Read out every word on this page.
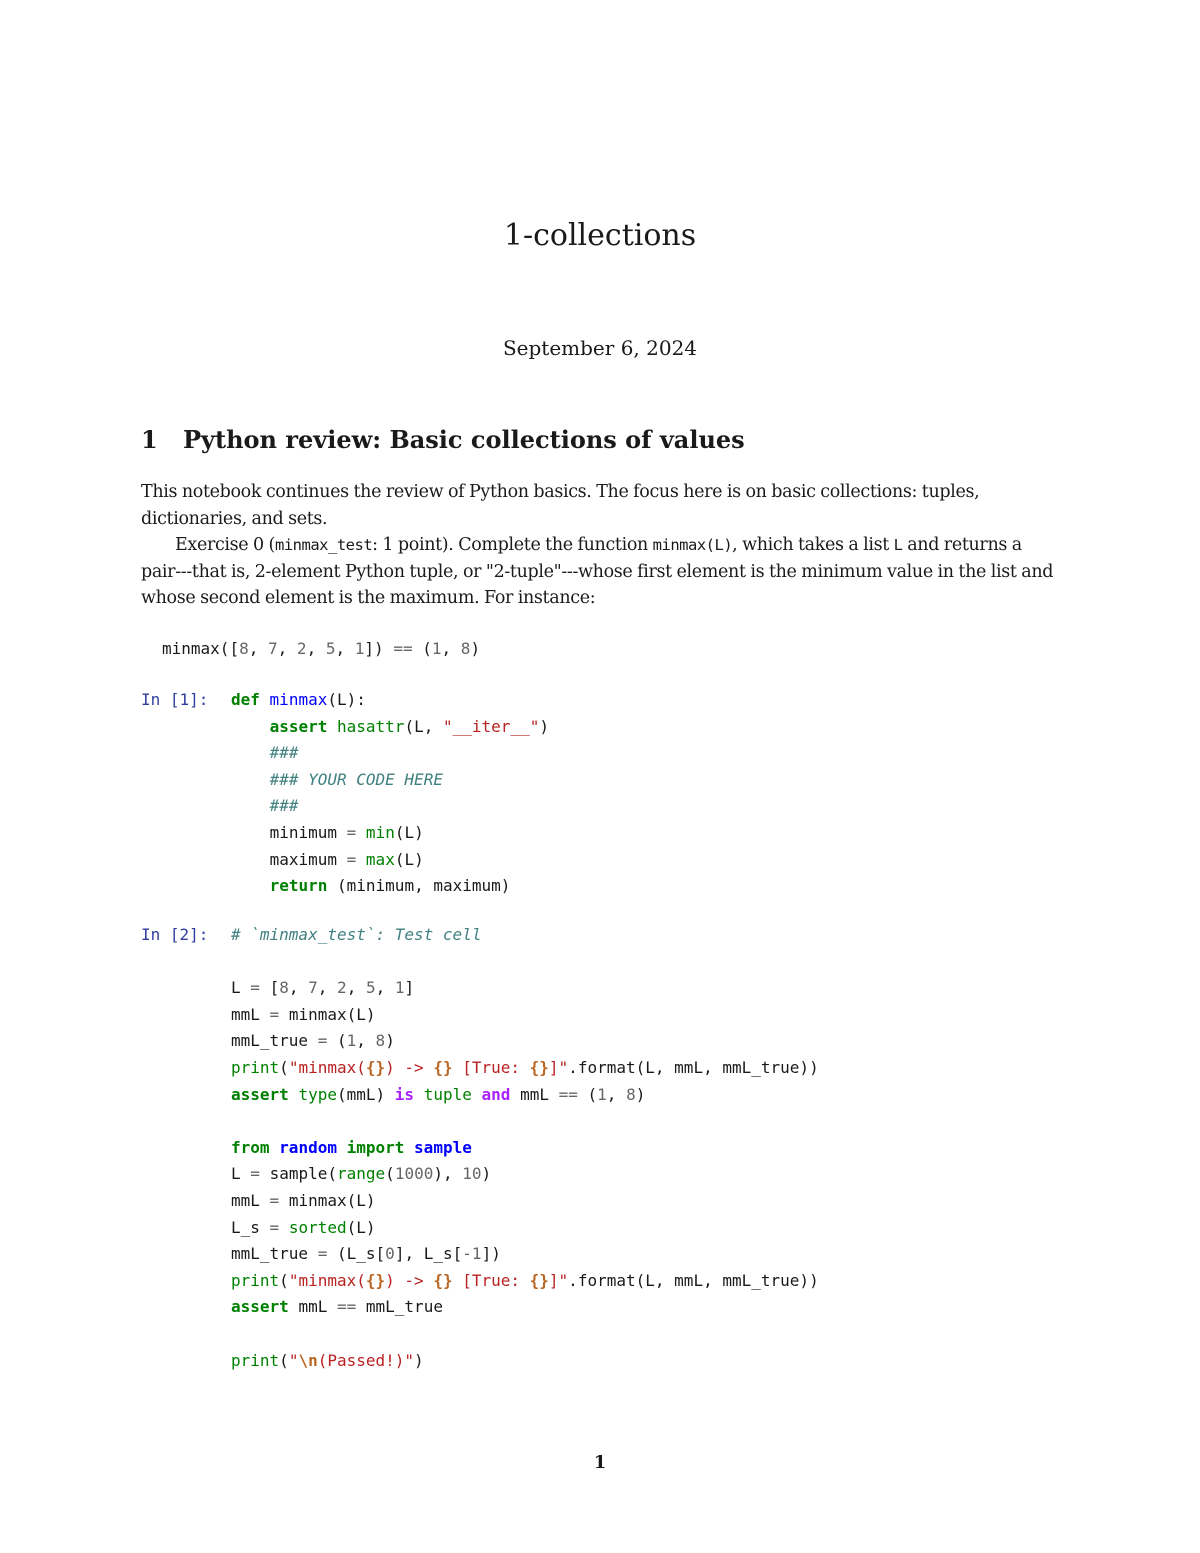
1-collections
September 6, 2024
1 Python review: Basic collections of values

This notebook continues the review of Python basics. The focus here is on basic collections: tuples, dictionaries, and sets.

Exercise 0 (minmax_test: 1 point). Complete the function minmax(L), which takes a list L and returns a pair---that is, 2-element Python tuple, or "2-tuple"---whose first element is the minimum value in the list and whose second element is the maximum. For instance:

minmax([8, 7, 2, 5, 1]) == (1, 8)
In [1]: def minmax(L):
assert hasattr(L, "__iter__")
###
### YOUR CODE HERE
###
minimum = min(L)
maximum = max(L)
return (minimum, maximum)
In [2]: # `minmax_test`: Test cell

L = [8, 7, 2, 5, 1]
mmL = minmax(L)
mmL_true = (1, 8)
print("minmax({}) -> {} [True: {}]".format(L, mmL, mmL_true))
assert type(mmL) is tuple and mmL == (1, 8)

from random import sample
L = sample(range(1000), 10)
mmL = minmax(L)
L_s = sorted(L)
mmL_true = (L_s[0], L_s[-1])
print("minmax({}) -> {} [True: {}]".format(L, mmL, mmL_true))
assert mmL == mmL_true

print("\n(Passed!)")
1
